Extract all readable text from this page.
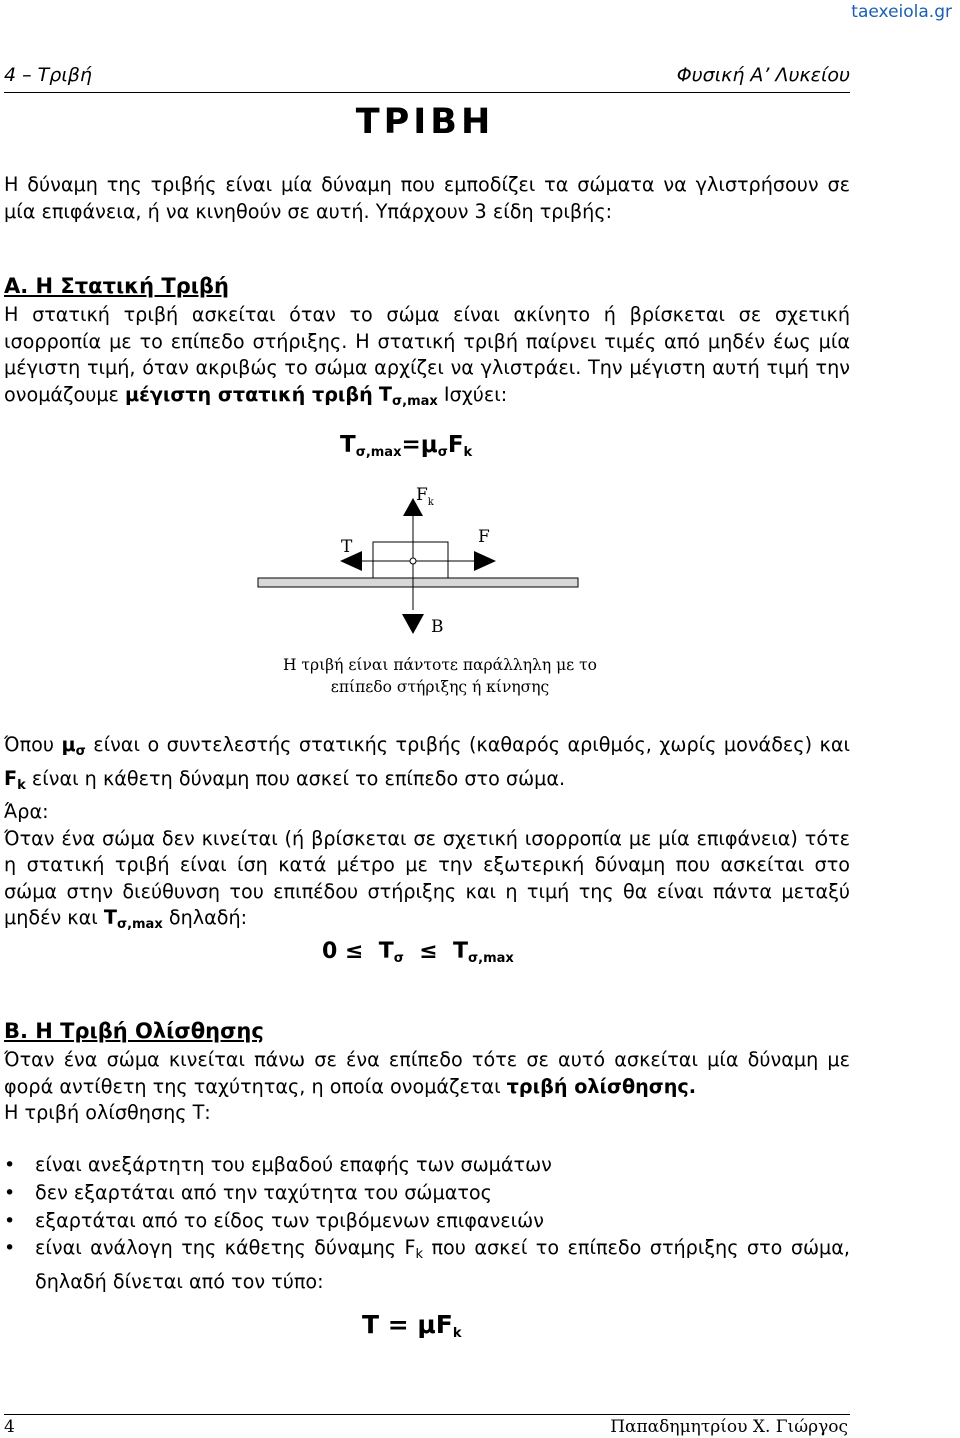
taexeiola.gr
4 – Τριβή	Φυσική Α’ Λυκείου
ΤΡΙΒΗ
Η δύναμη της τριβής είναι μία δύναμη που εμποδίζει τα σώματα να γλιστρήσουν σε μία επιφάνεια, ή να κινηθούν σε αυτή. Υπάρχουν 3 είδη τριβής:
Α. Η Στατική Τριβή
Η στατική τριβή ασκείται όταν το σώμα είναι ακίνητο ή βρίσκεται σε σχετική ισορροπία με το επίπεδο στήριξης. Η στατική τριβή παίρνει τιμές από μηδέν έως μία μέγιστη τιμή, όταν ακριβώς το σώμα αρχίζει να γλιστράει. Την μέγιστη αυτή τιμή την ονομάζουμε μέγιστη στατική τριβή $T_{\sigma,max}$ Ισχύει:
$T_{\sigma,max}=\mu_\sigma F_k$
$F_k$
Τ	F
Β
Η τριβή είναι πάντοτε παράλληλη με το
επίπεδο στήριξης ή κίνησης
Όπου $\mu_\sigma$ είναι ο συντελεστής στατικής τριβής (καθαρός αριθμός, χωρίς μονάδες) και $F_k$ είναι η κάθετη δύναμη που ασκεί το επίπεδο στο σώμα.
Άρα:
Όταν ένα σώμα δεν κινείται (ή βρίσκεται σε σχετική ισορροπία με μία επιφάνεια) τότε η στατική τριβή είναι ίση κατά μέτρο με την εξωτερική δύναμη που ασκείται στο σώμα στην διεύθυνση του επιπέδου στήριξης και η τιμή της θα είναι πάντα μεταξύ μηδέν και $T_{\sigma,max}$ δηλαδή:
$0 \le T_\sigma \le T_{\sigma,max}$
Β. Η Τριβή Ολίσθησης
Όταν ένα σώμα κινείται πάνω σε ένα επίπεδο τότε σε αυτό ασκείται μία δύναμη με φορά αντίθετη της ταχύτητας, η οποία ονομάζεται τριβή ολίσθησης.
Η τριβή ολίσθησης Τ:
• είναι ανεξάρτητη του εμβαδού επαφής των σωμάτων
• δεν εξαρτάται από την ταχύτητα του σώματος
• εξαρτάται από το είδος των τριβόμενων επιφανειών
• είναι ανάλογη της κάθετης δύναμης $F_k$ που ασκεί το επίπεδο στήριξης στο σώμα, δηλαδή δίνεται από τον τύπο:
$T = \mu F_k$
4	Παπαδημητρίου Χ. Γιώργος
